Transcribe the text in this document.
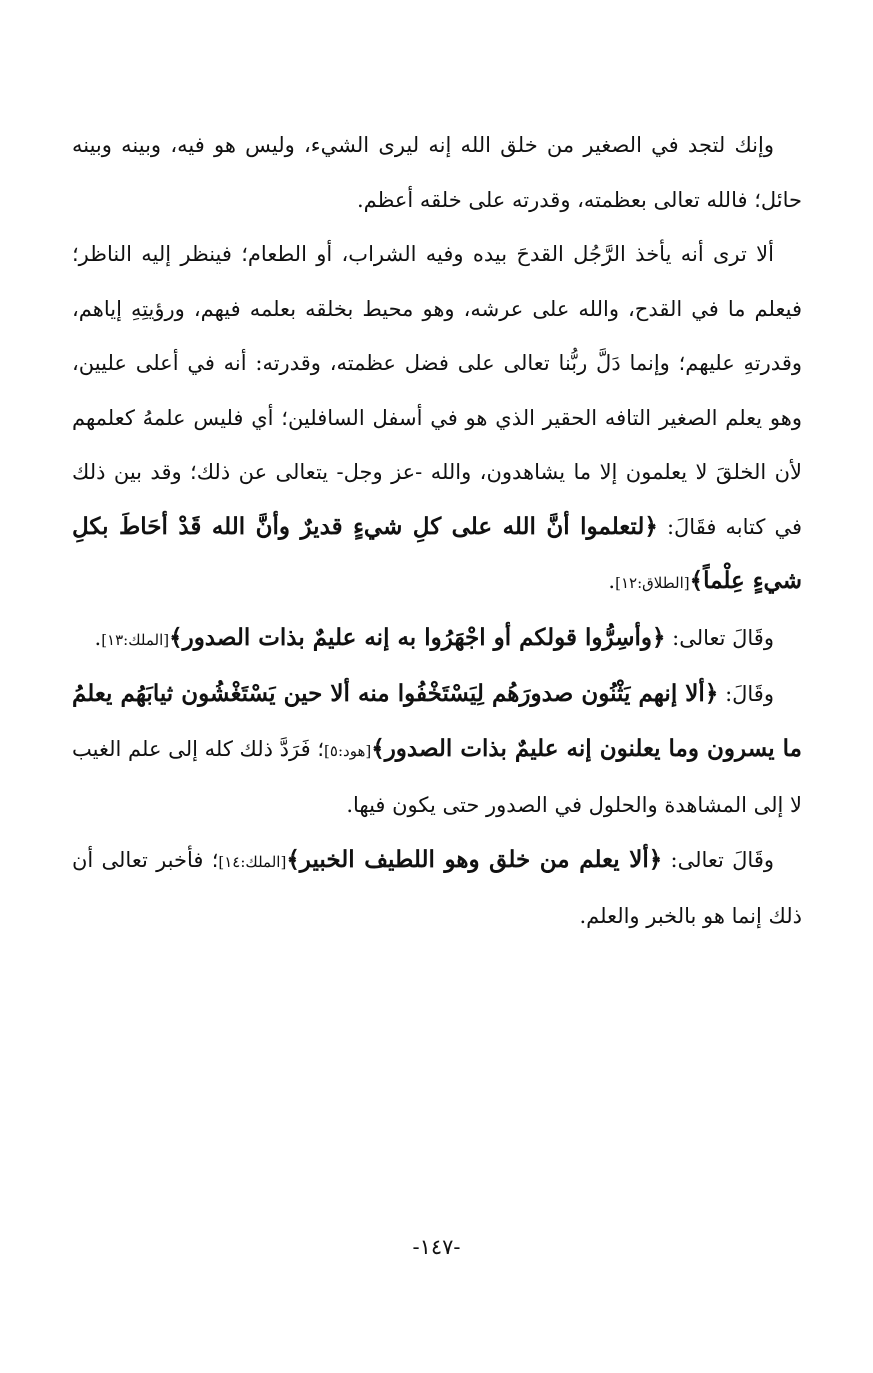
وإنك لتجد في الصغير من خلق الله إنه ليرى الشيء، وليس هو فيه، وبينه وبينه حائل؛ فالله تعالى بعظمته، وقدرته على خلقه أعظم.

ألا ترى أنه يأخذ الرَّجُل القدحَ بيده وفيه الشراب، أو الطعام؛ فينظر إليه الناظر؛ فيعلم ما في القدح، والله على عرشه، وهو محيط بخلقه بعلمه فيهم، ورؤيتِهِ إياهم، وقدرتهِ عليهم؛ وإنما دَلَّ ربُّنا تعالى على فضل عظمته، وقدرته: أنه في أعلى عليين، وهو يعلم الصغير التافه الحقير الذي هو في أسفل السافلين؛ أي فليس علمهُ كعلمهم لأن الخلقَ لا يعلمون إلا ما يشاهدون، والله -عز وجل- يتعالى عن ذلك؛ وقد بين ذلك في كتابه فقَالَ: ﴿لتعلموا أنَّ الله على كلِ شيءٍ قديرٌ وأنَّ الله قَدْ أحَاطَ بكلِ شيءٍ عِلْماً﴾[الطلاق:١٢].

وقَالَ تعالى: ﴿وأسِرُّوا قولكم أو اجْهَرُوا به إنه عليمٌ بذات الصدور﴾[الملك:١٣].

وقَالَ: ﴿ألا إنهم يَثْنُون صدورَهُم لِيَسْتَخْفُوا منه ألا حين يَسْتَغْشُون ثيابَهُم يعلمُ ما يسرون وما يعلنون إنه عليمٌ بذات الصدور﴾[هود:٥]؛ فَرَدَّ ذلك كله إلى علم الغيب لا إلى المشاهدة والحلول في الصدور حتى يكون فيها.

وقَالَ تعالى: ﴿ألا يعلم من خلق وهو اللطيف الخبير﴾[الملك:١٤]؛ فأخبر تعالى أن ذلك إنما هو بالخبر والعلم.

-١٤٧-
